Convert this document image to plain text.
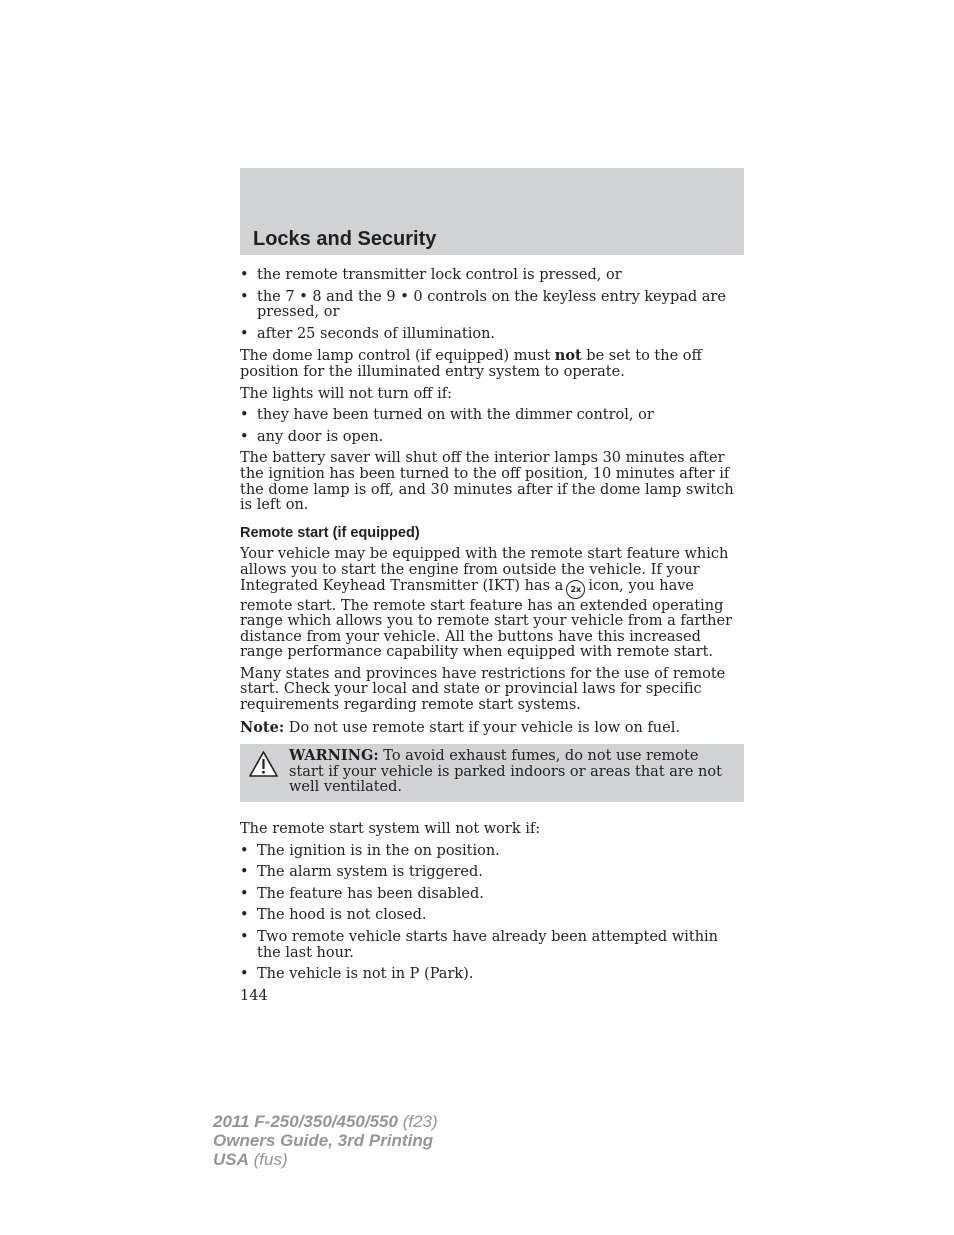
Locks and Security
• the remote transmitter lock control is pressed, or
• the 7 • 8 and the 9 • 0 controls on the keyless entry keypad are pressed, or
• after 25 seconds of illumination.

The dome lamp control (if equipped) must not be set to the off position for the illuminated entry system to operate.

The lights will not turn off if:

• they have been turned on with the dimmer control, or
• any door is open.

The battery saver will shut off the interior lamps 30 minutes after the ignition has been turned to the off position, 10 minutes after if the dome lamp is off, and 30 minutes after if the dome lamp switch is left on.

Remote start (if equipped)

Your vehicle may be equipped with the remote start feature which allows you to start the engine from outside the vehicle. If your Integrated Keyhead Transmitter (IKT) has a 2x icon, you have remote start. The remote start feature has an extended operating range which allows you to remote start your vehicle from a farther distance from your vehicle. All the buttons have this increased range performance capability when equipped with remote start.

Many states and provinces have restrictions for the use of remote start. Check your local and state or provincial laws for specific requirements regarding remote start systems.

Note: Do not use remote start if your vehicle is low on fuel.

WARNING: To avoid exhaust fumes, do not use remote start if your vehicle is parked indoors or areas that are not well ventilated.

The remote start system will not work if:

• The ignition is in the on position.
• The alarm system is triggered.
• The feature has been disabled.
• The hood is not closed.
• Two remote vehicle starts have already been attempted within the last hour.
• The vehicle is not in P (Park).
144
2011 F-250/350/450/550 (f23)
Owners Guide, 3rd Printing
USA (fus)
